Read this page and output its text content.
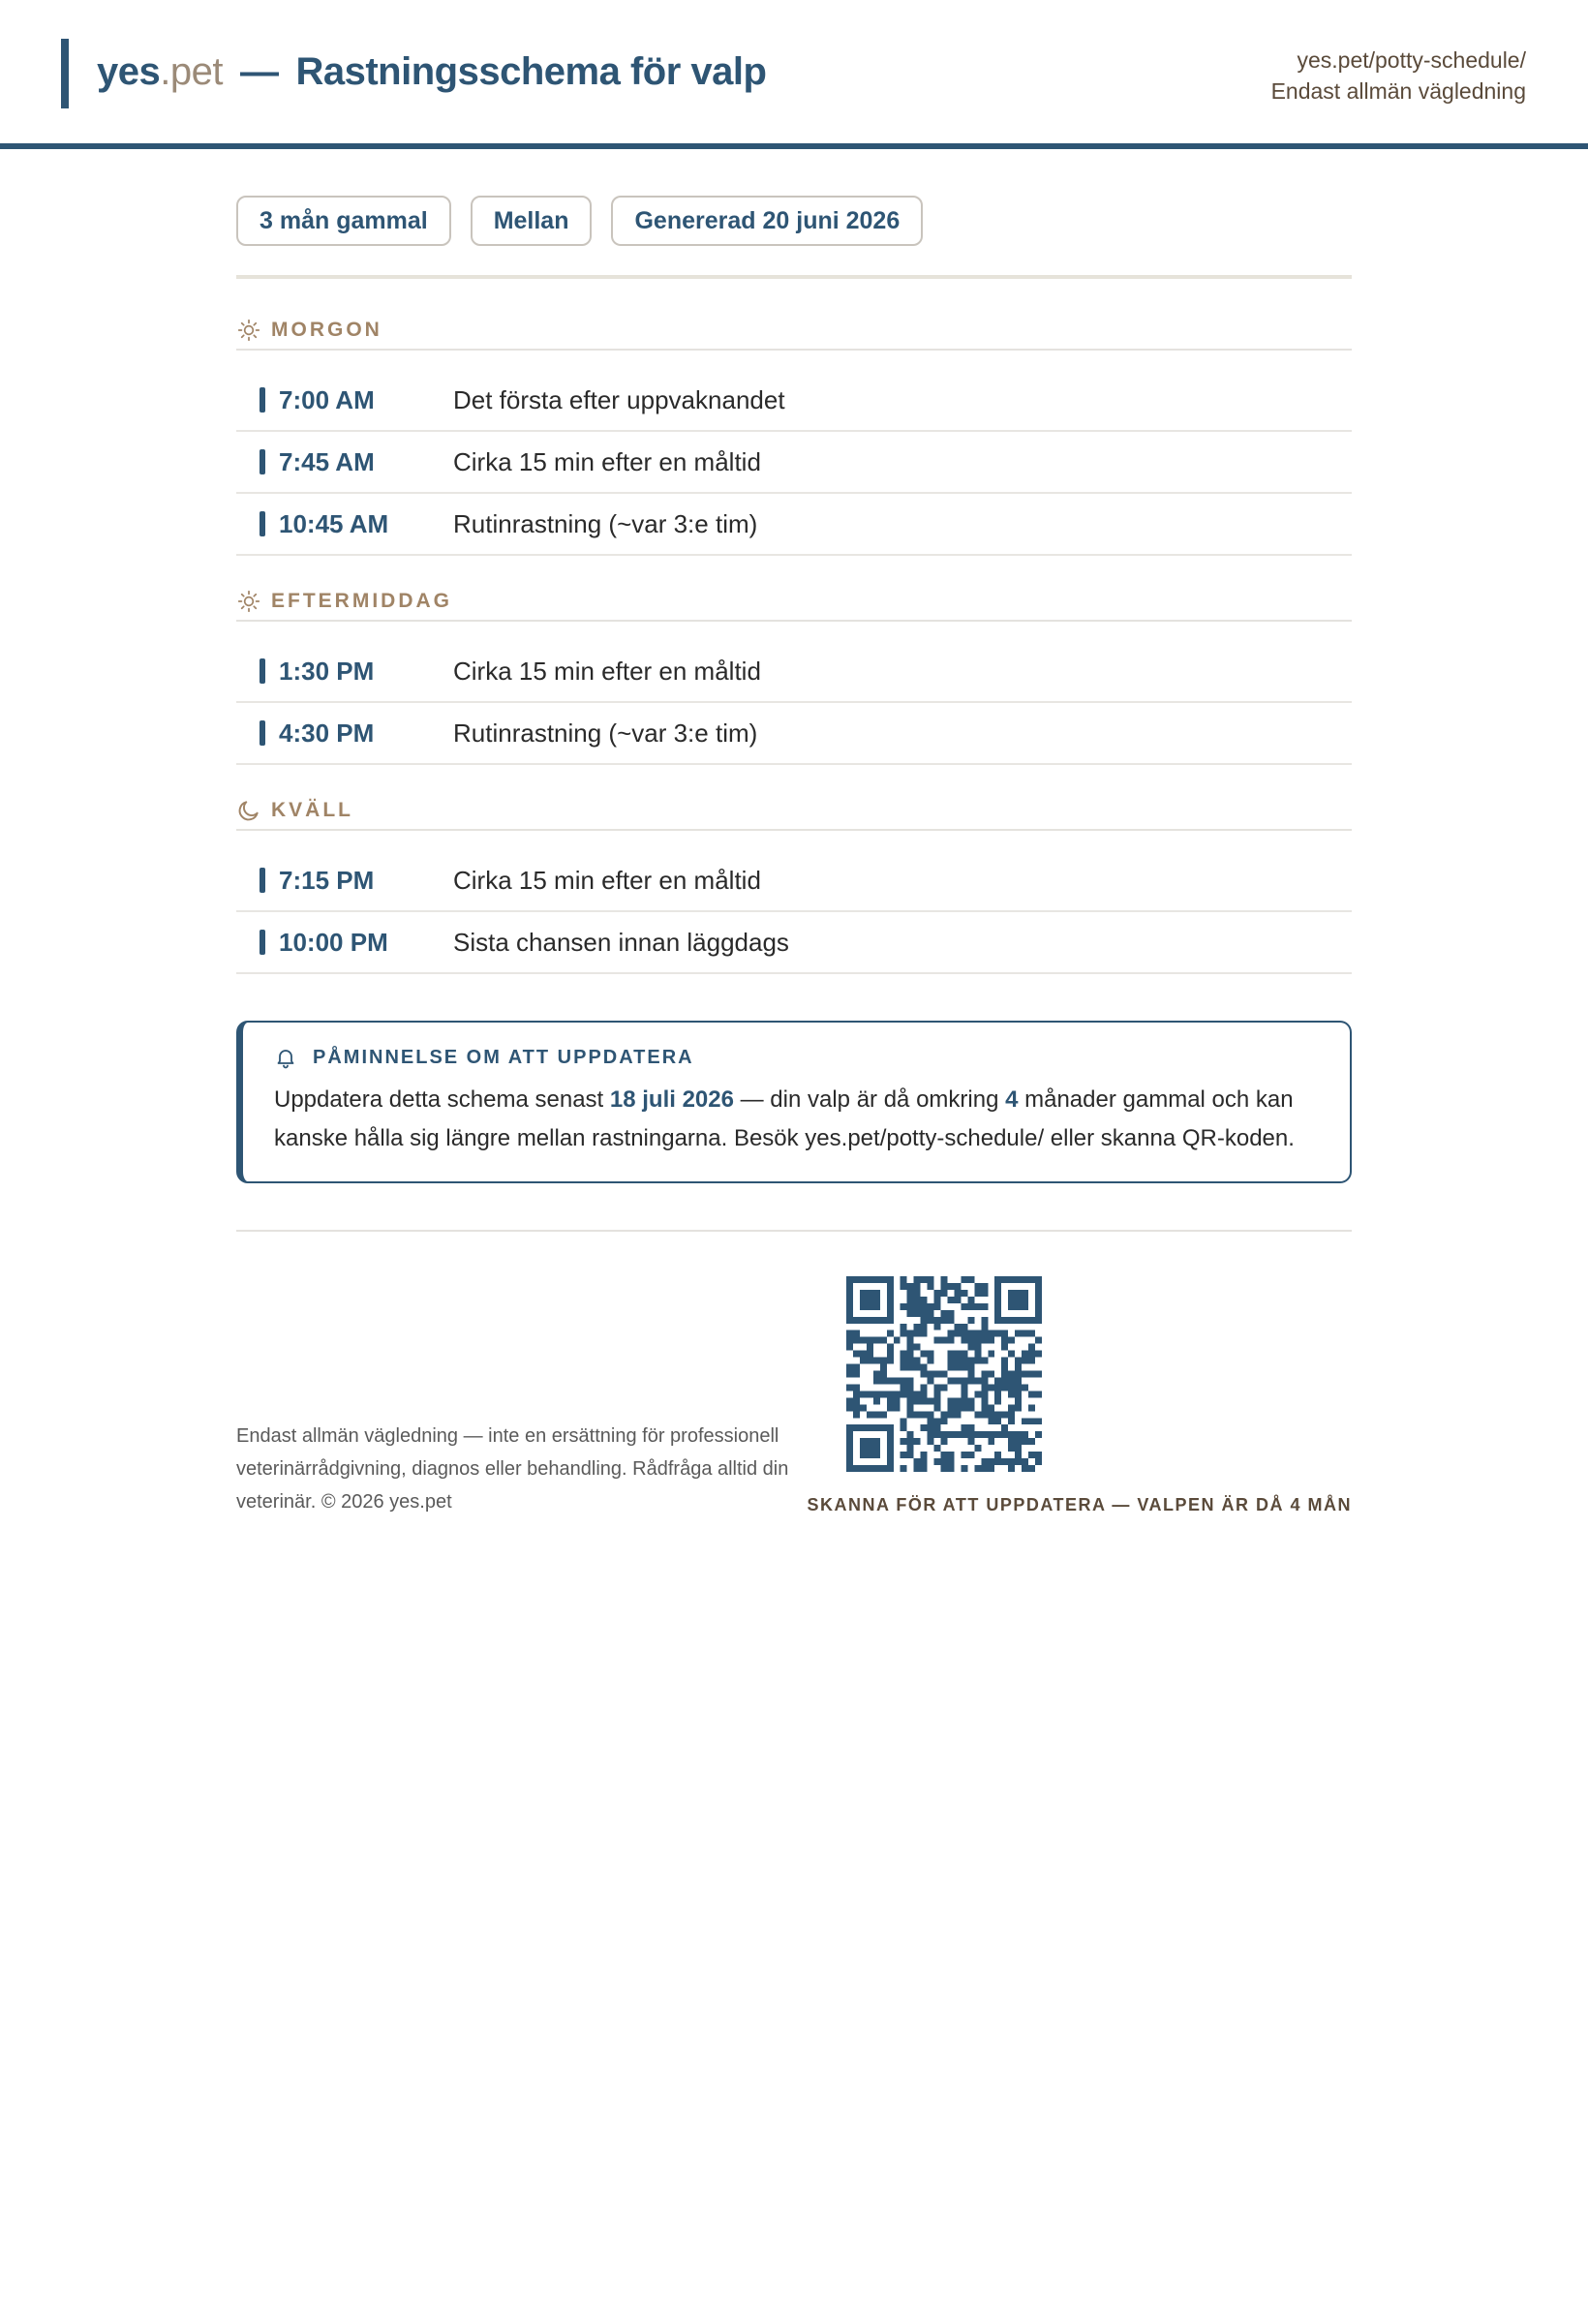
yes.pet — Rastningsschema för valp	yes.pet/potty-schedule/
Endast allmän vägledning
3 mån gammal	Mellan	Genererad 20 juni 2026
MORGON
7:00 AM	Det första efter uppvaknandet
7:45 AM	Cirka 15 min efter en måltid
10:45 AM	Rutinrastning (~var 3:e tim)
EFTERMIDDAG
1:30 PM	Cirka 15 min efter en måltid
4:30 PM	Rutinrastning (~var 3:e tim)
KVÄLL
7:15 PM	Cirka 15 min efter en måltid
10:00 PM	Sista chansen innan läggdags
PÅMINNELSE OM ATT UPPDATERA
Uppdatera detta schema senast 18 juli 2026 — din valp är då omkring 4 månader gammal och kan kanske hålla sig längre mellan rastningarna. Besök yes.pet/potty-schedule/ eller skanna QR-koden.
Endast allmän vägledning — inte en ersättning för professionell veterinärrådgivning, diagnos eller behandling. Rådfråga alltid din veterinär. © 2026 yes.pet	SKANNA FÖR ATT UPPDATERA — VALPEN ÄR DÅ 4 MÅN
